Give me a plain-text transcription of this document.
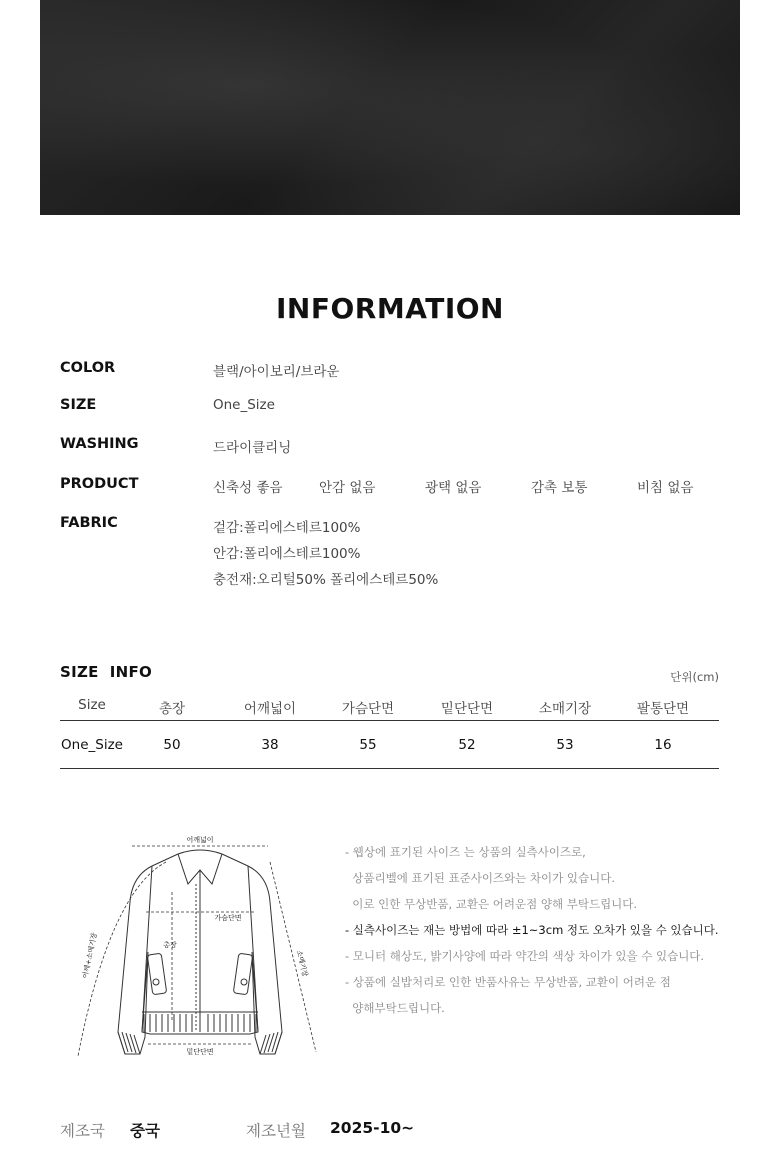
INFORMATION
COLOR	블랙/아이보리/브라운
SIZE	One_Size
WASHING	드라이클리닝
PRODUCT	신축성 좋음	안감 없음	광택 없음	감촉 보통	비침 없음
FABRIC	겉감:폴리에스테르100%
안감:폴리에스테르100%
충전재:오리털50% 폴리에스테르50%
SIZE  INFO	단위(cm)
Size	총장	어깨넓이	가슴단면	밑단단면	소매기장	팔통단면
One_Size	50	38	55	52	53	16
어깨넓이
가슴단면
총장
밑단단면
어깨+소매기장	소매기장
- 웹상에 표기된 사이즈 는 상품의 실측사이즈로,
상품리벨에 표기된 표준사이즈와는 차이가 있습니다.
이로 인한 무상반품, 교환은 어려운점 양해 부탁드립니다.
- 실측사이즈는 재는 방법에 따라 ±1~3cm 정도 오차가 있을 수 있습니다.
- 모니터 해상도, 밝기사양에 따라 약간의 색상 차이가 있을 수 있습니다.
- 상품에 실밥처리로 인한 반품사유는 무상반품, 교환이 어려운 점
양해부탁드립니다.
제조국 중국	제조년월 2025-10~
